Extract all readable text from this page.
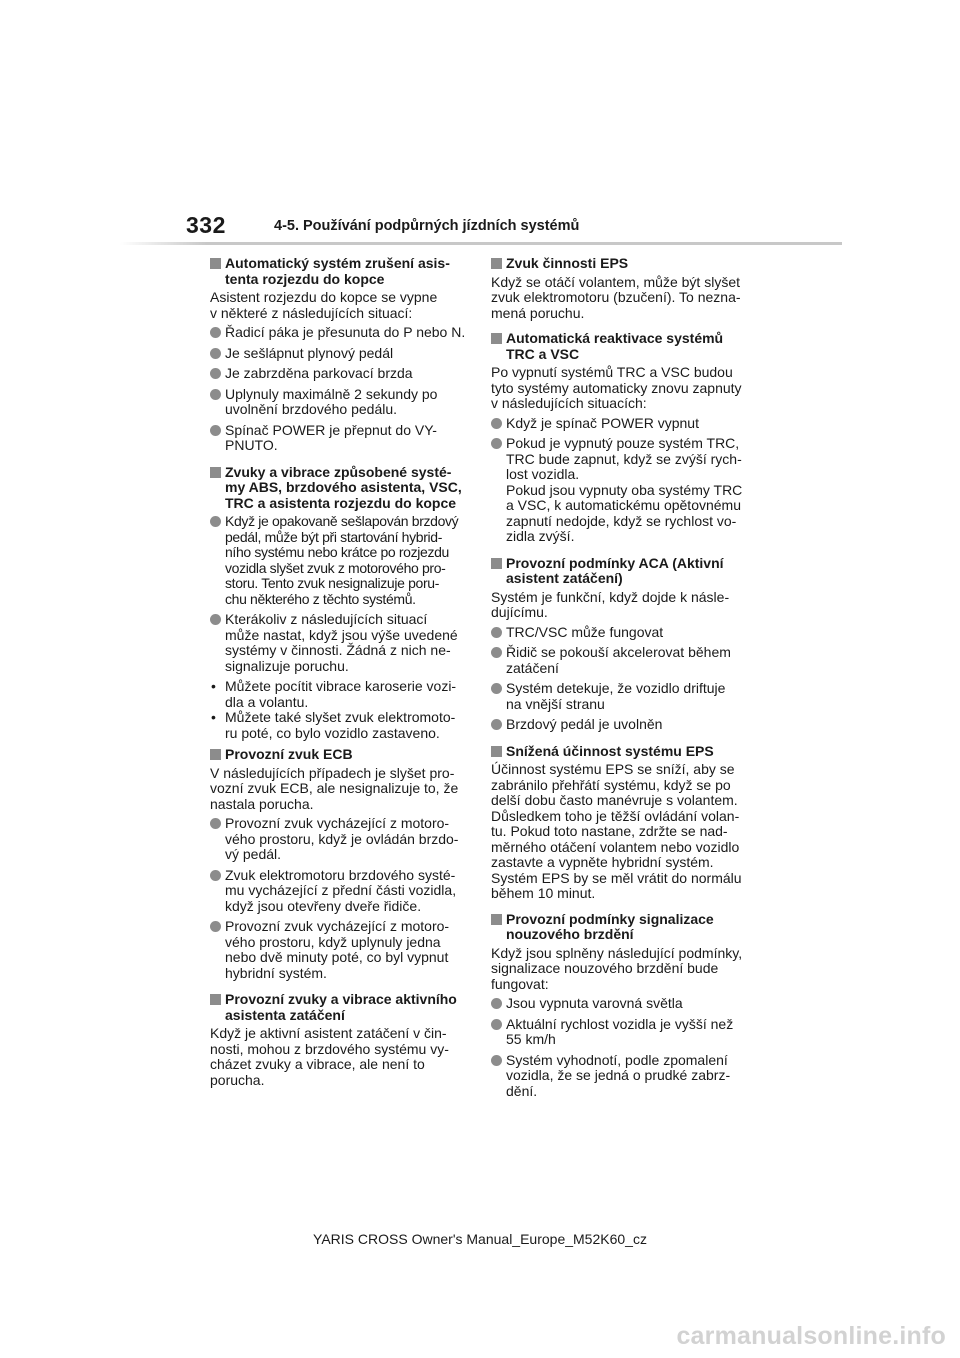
332	4-5. Používání podpůrných jízdních systémů
Automatický systém zrušení asis-
tenta rozjezdu do kopce
Asistent rozjezdu do kopce se vypne
v některé z následujících situací:
Řadicí páka je přesunuta do P nebo N.
Je sešlápnut plynový pedál
Je zabrzděna parkovací brzda
Uplynuly maximálně 2 sekundy po
uvolnění brzdového pedálu.
Spínač POWER je přepnut do VY-
PNUTO.
Zvuky a vibrace způsobené systé-
my ABS, brzdového asistenta, VSC,
TRC a asistenta rozjezdu do kopce
Když je opakovaně sešlapován brzdový
pedál, může být při startování hybrid-
ního systému nebo krátce po rozjezdu
vozidla slyšet zvuk z motorového pro-
storu. Tento zvuk nesignalizuje poru-
chu některého z těchto systémů.
Kterákoliv z následujících situací
může nastat, když jsou výše uvedené
systémy v činnosti. Žádná z nich ne-
signalizuje poruchu.
• Můžete pocítit vibrace karoserie vozi-
dla a volantu.
• Můžete také slyšet zvuk elektromoto-
ru poté, co bylo vozidlo zastaveno.
Provozní zvuk ECB
V následujících případech je slyšet pro-
vozní zvuk ECB, ale nesignalizuje to, že
nastala porucha.
Provozní zvuk vycházející z motoro-
vého prostoru, když je ovládán brzdo-
vý pedál.
Zvuk elektromotoru brzdového systé-
mu vycházející z přední části vozidla,
když jsou otevřeny dveře řidiče.
Provozní zvuk vycházející z motoro-
vého prostoru, když uplynuly jedna
nebo dvě minuty poté, co byl vypnut
hybridní systém.
Provozní zvuky a vibrace aktivního
asistenta zatáčení
Když je aktivní asistent zatáčení v čin-
nosti, mohou z brzdového systému vy-
cházet zvuky a vibrace, ale není to
porucha.
Zvuk činnosti EPS
Když se otáčí volantem, může být slyšet
zvuk elektromotoru (bzučení). To nezna-
mená poruchu.
Automatická reaktivace systémů
TRC a VSC
Po vypnutí systémů TRC a VSC budou
tyto systémy automaticky znovu zapnuty
v následujících situacích:
Když je spínač POWER vypnut
Pokud je vypnutý pouze systém TRC,
TRC bude zapnut, když se zvýší rych-
lost vozidla.
Pokud jsou vypnuty oba systémy TRC
a VSC, k automatickému opětovnému
zapnutí nedojde, když se rychlost vo-
zidla zvýší.
Provozní podmínky ACA (Aktivní
asistent zatáčení)
Systém je funkční, když dojde k násle-
dujícímu.
TRC/VSC může fungovat
Řidič se pokouší akcelerovat během
zatáčení
Systém detekuje, že vozidlo driftuje
na vnější stranu
Brzdový pedál je uvolněn
Snížená účinnost systému EPS
Účinnost systému EPS se sníží, aby se
zabránilo přehřátí systému, když se po
delší dobu často manévruje s volantem.
Důsledkem toho je těžší ovládání volan-
tu. Pokud toto nastane, zdržte se nad-
měrného otáčení volantem nebo vozidlo
zastavte a vypněte hybridní systém.
Systém EPS by se měl vrátit do normálu
během 10 minut.
Provozní podmínky signalizace
nouzového brzdění
Když jsou splněny následující podmínky,
signalizace nouzového brzdění bude
fungovat:
Jsou vypnuta varovná světla
Aktuální rychlost vozidla je vyšší než
55 km/h
Systém vyhodnotí, podle zpomalení
vozidla, že se jedná o prudké zabrz-
dění.
YARIS CROSS Owner's Manual_Europe_M52K60_cz
carmanualsonline.info
